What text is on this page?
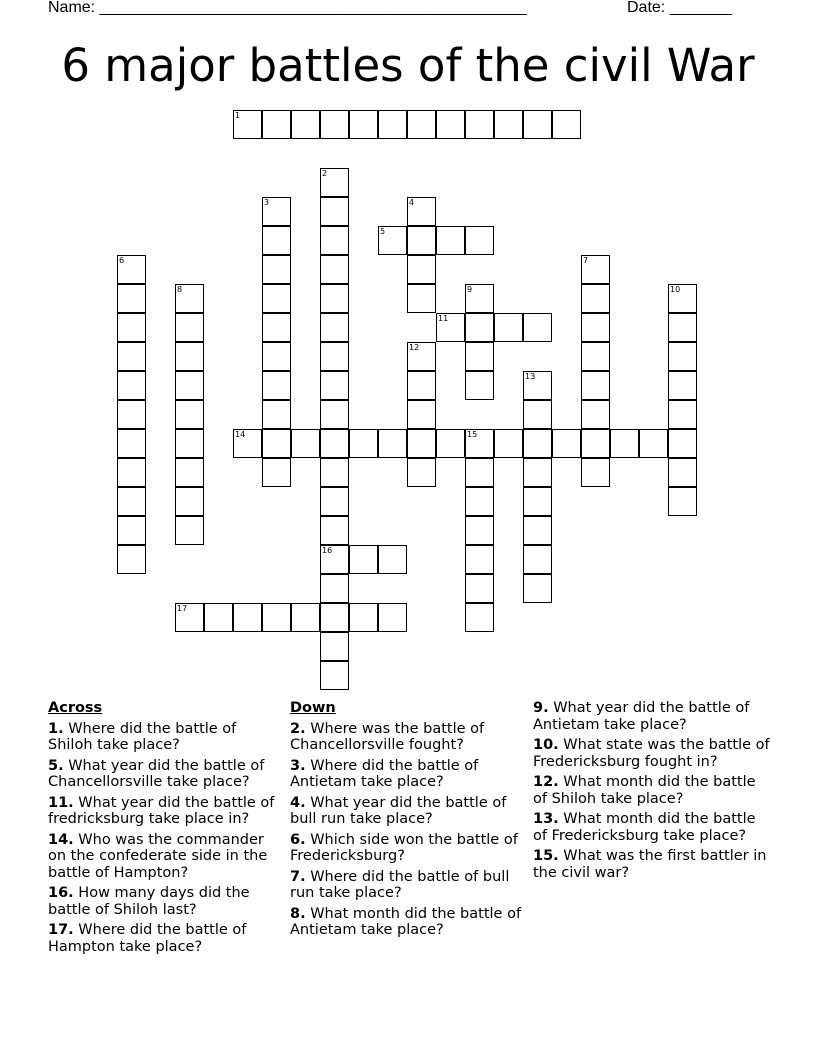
Name: ________________________________________________	Date: _______
6 major battles of the civil War
1
2
3	4
5
6	7
8	9	10
11
12
13
14	15
16
17
Across
1. Where did the battle of Shiloh take place?
5. What year did the battle of Chancellorsville take place?
11. What year did the battle of fredricksburg take place in?
14. Who was the commander on the confederate side in the battle of Hampton?
16. How many days did the battle of Shiloh last?
17. Where did the battle of Hampton take place?
Down
2. Where was the battle of Chancellorsville fought?
3. Where did the battle of Antietam take place?
4. What year did the battle of bull run take place?
6. Which side won the battle of Fredericksburg?
7. Where did the battle of bull run take place?
8. What month did the battle of Antietam take place?
9. What year did the battle of Antietam take place?
10. What state was the battle of Fredericksburg fought in?
12. What month did the battle of Shiloh take place?
13. What month did the battle of Fredericksburg take place?
15. What was the first battler in the civil war?
